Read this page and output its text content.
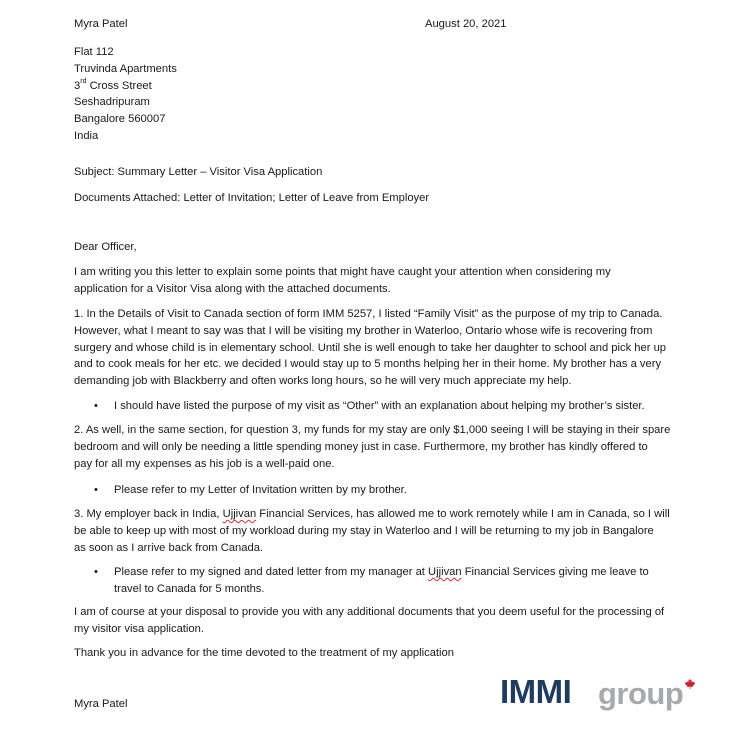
Myra Patel	August 20, 2021
Flat 112
Truvinda Apartments
3rd Cross Street
Seshadripuram
Bangalore 560007
India
Subject: Summary Letter – Visitor Visa Application
Documents Attached: Letter of Invitation; Letter of Leave from Employer
Dear Officer,
I am writing you this letter to explain some points that might have caught your attention when considering my
application for a Visitor Visa along with the attached documents.
1. In the Details of Visit to Canada section of form IMM 5257, I listed “Family Visit” as the purpose of my trip to Canada.
However, what I meant to say was that I will be visiting my brother in Waterloo, Ontario whose wife is recovering from
surgery and whose child is in elementary school. Until she is well enough to take her daughter to school and pick her up
and to cook meals for her etc. we decided I would stay up to 5 months helping her in their home. My brother has a very
demanding job with Blackberry and often works long hours, so he will very much appreciate my help.
• I should have listed the purpose of my visit as “Other” with an explanation about helping my brother’s sister.
2. As well, in the same section, for question 3, my funds for my stay are only $1,000 seeing I will be staying in their spare
bedroom and will only be needing a little spending money just in case. Furthermore, my brother has kindly offered to
pay for all my expenses as his job is a well-paid one.
• Please refer to my Letter of Invitation written by my brother.
3. My employer back in India, Ujjivan Financial Services, has allowed me to work remotely while I am in Canada, so I will
be able to keep up with most of my workload during my stay in Waterloo and I will be returning to my job in Bangalore
as soon as I arrive back from Canada.
• Please refer to my signed and dated letter from my manager at Ujjivan Financial Services giving me leave to
travel to Canada for 5 months.
I am of course at your disposal to provide you with any additional documents that you deem useful for the processing of
my visitor visa application.
Thank you in advance for the time devoted to the treatment of my application
Myra Patel	IMMI group
